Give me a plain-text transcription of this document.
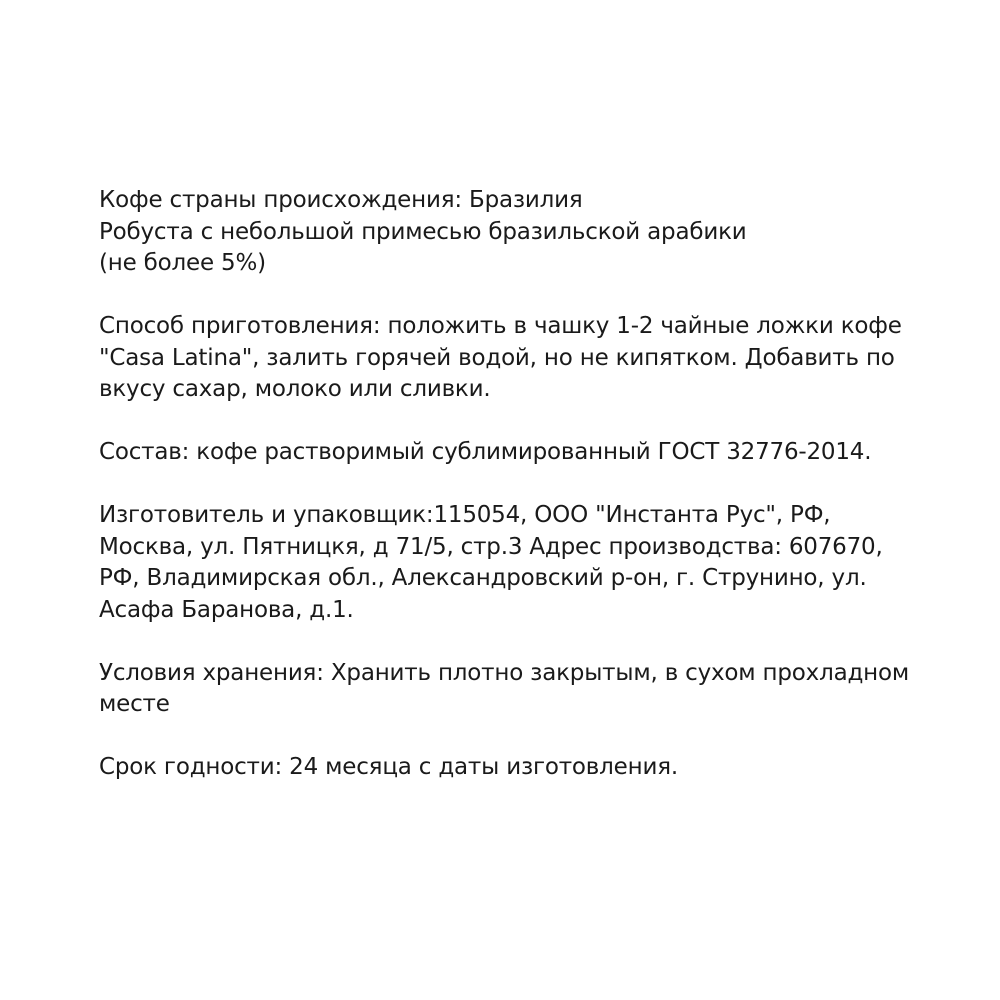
Кофе страны происхождения: Бразилия
Робуста с небольшой примесью бразильской арабики
(не более 5%)

Способ приготовления: положить в чашку 1-2 чайные ложки кофе
"Casa Latina", залить горячей водой, но не кипятком. Добавить по
вкусу сахар, молоко или сливки.

Состав: кофе растворимый сублимированный ГОСТ 32776-2014.

Изготовитель и упаковщик:115054, ООО "Инстанта Рус", РФ,
Москва, ул. Пятницкя, д 71/5, стр.3 Адрес производства: 607670,
РФ, Владимирская обл., Александровский р-он, г. Струнино, ул.
Асафа Баранова, д.1.

Условия хранения: Хранить плотно закрытым, в сухом прохладном
месте

Срок годности: 24 месяца с даты изготовления.
